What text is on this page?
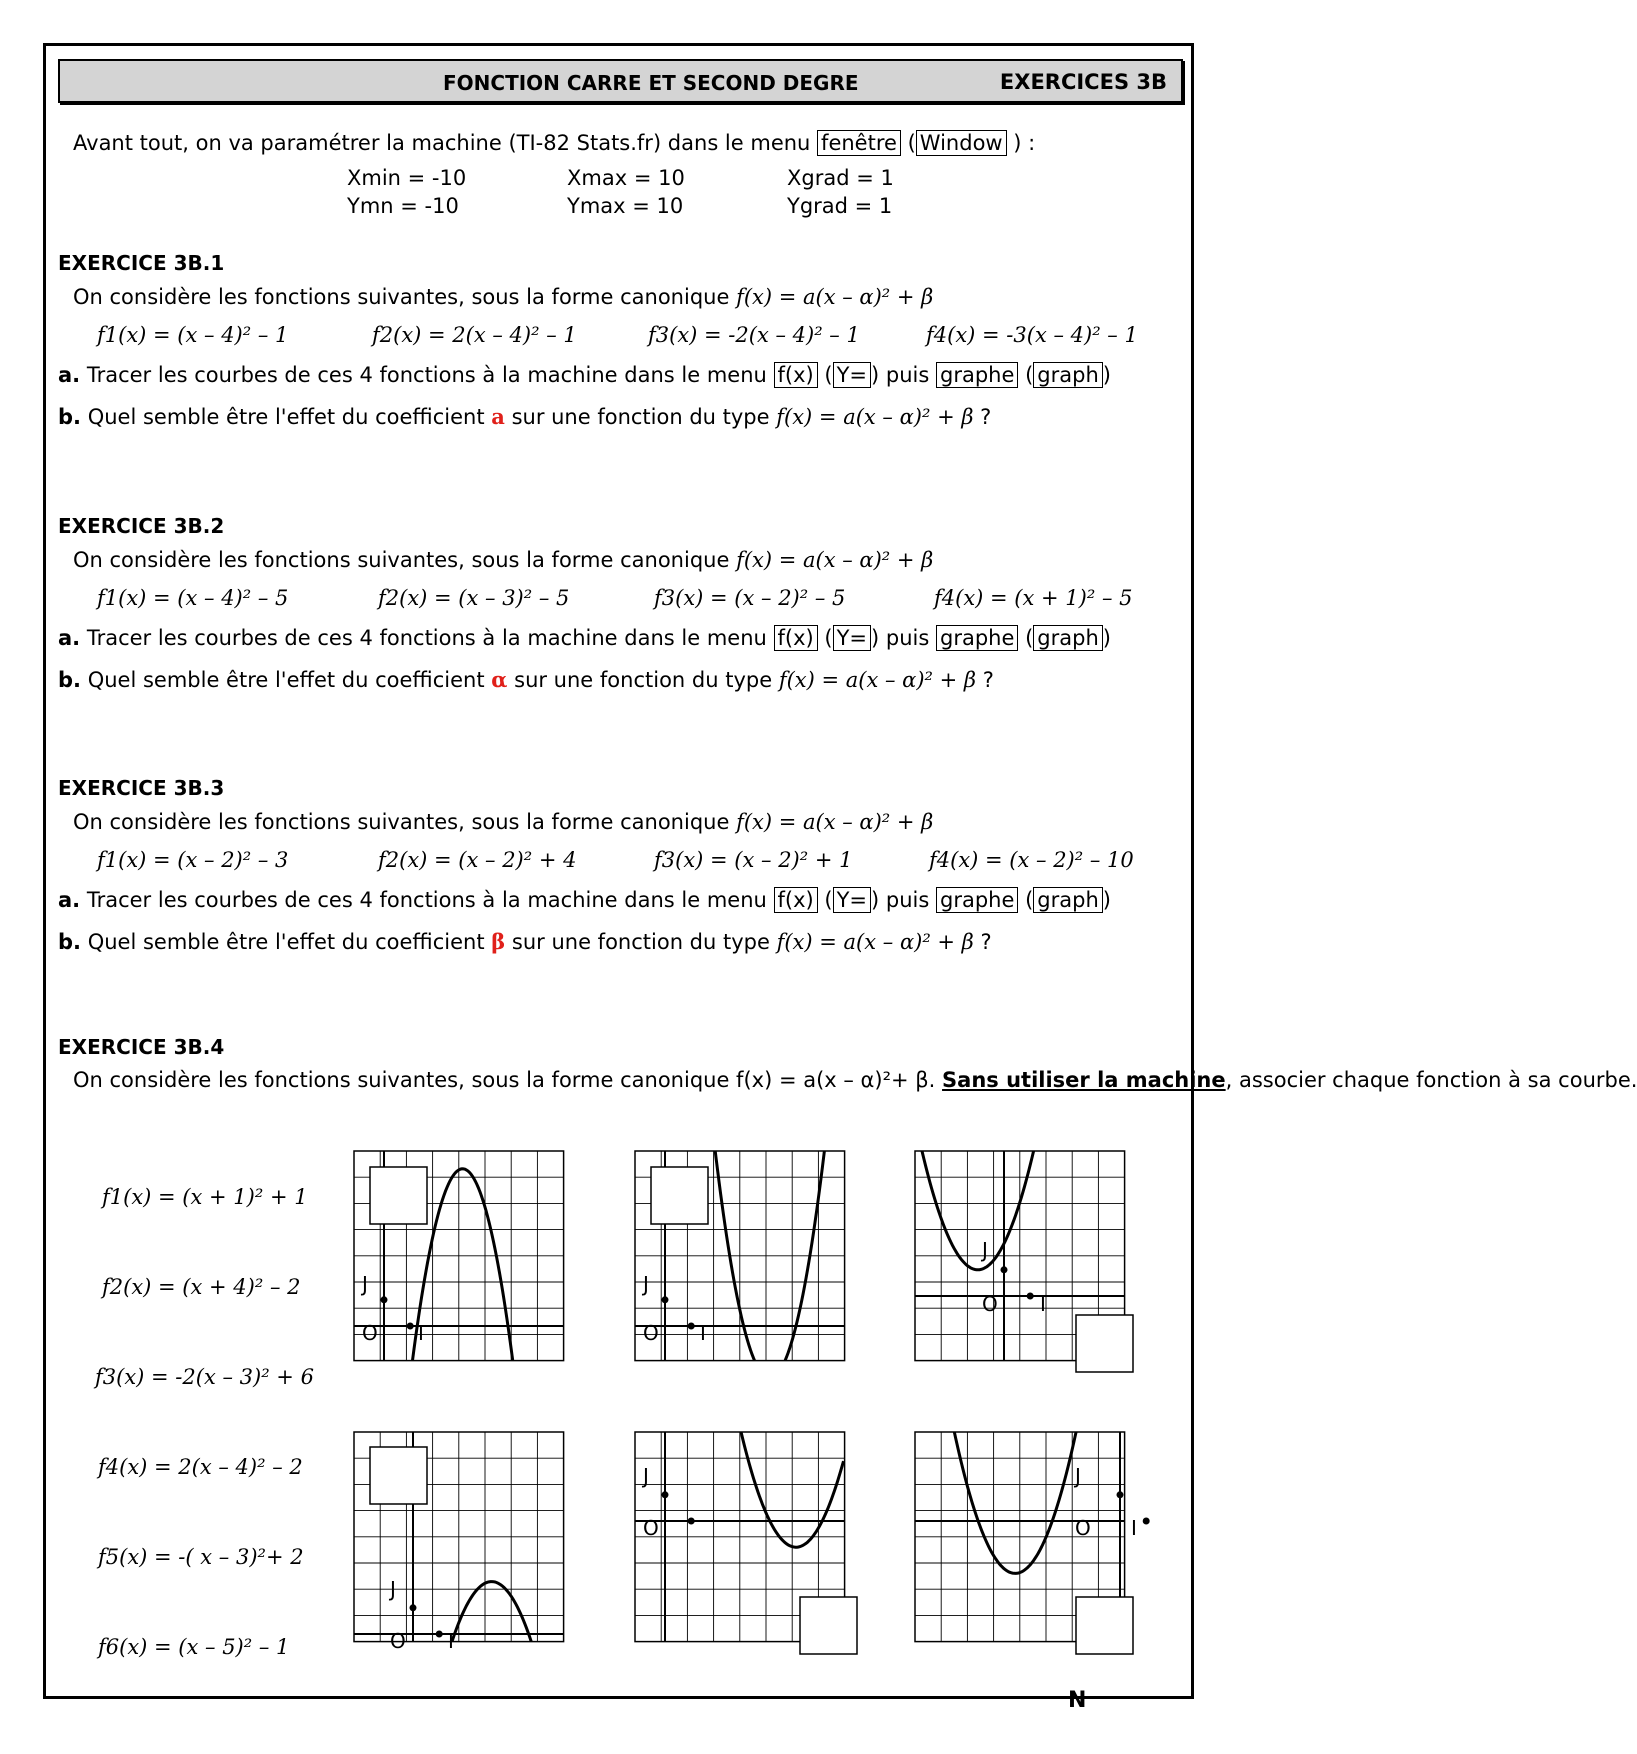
N
FONCTION CARRE ET SECOND DEGRE	EXERCICES 3B
Avant tout, on va paramétrer la machine (TI-82 Stats.fr) dans le menu fenêtre ( Window ) :
Xmin = -10	Xmax = 10	Xgrad = 1
Ymn = -10	Ymax = 10	Ygrad = 1
EXERCICE 3B.1
On considère les fonctions suivantes, sous la forme canonique f(x) = a(x – α)² + β
f1(x) = (x – 4)² – 1	f2(x) = 2(x – 4)² – 1	f3(x) = -2(x – 4)² – 1	f4(x) = -3(x – 4)² – 1
a. Tracer les courbes de ces 4 fonctions à la machine dans le menu f(x) ( Y= ) puis graphe ( graph )
b. Quel semble être l'effet du coefficient a sur une fonction du type f(x) = a(x – α)² + β ?
EXERCICE 3B.2
On considère les fonctions suivantes, sous la forme canonique f(x) = a(x – α)² + β
f1(x) = (x – 4)² – 5	f2(x) = (x – 3)² – 5	f3(x) = (x – 2)² – 5	f4(x) = (x + 1)² – 5
a. Tracer les courbes de ces 4 fonctions à la machine dans le menu f(x) ( Y= ) puis graphe ( graph )
b. Quel semble être l'effet du coefficient α sur une fonction du type f(x) = a(x – α)² + β ?
EXERCICE 3B.3
On considère les fonctions suivantes, sous la forme canonique f(x) = a(x – α)² + β
f1(x) = (x – 2)² – 3	f2(x) = (x – 2)² + 4	f3(x) = (x – 2)² + 1	f4(x) = (x – 2)² – 10
a. Tracer les courbes de ces 4 fonctions à la machine dans le menu f(x) ( Y= ) puis graphe ( graph )
b. Quel semble être l'effet du coefficient β sur une fonction du type f(x) = a(x – α)² + β ?
EXERCICE 3B.4
On considère les fonctions suivantes, sous la forme canonique f(x) = a(x – α)²+ β. Sans utiliser la machine, associer chaque fonction à sa courbe.
f1(x) = (x + 1)² + 1
f2(x) = (x + 4)² – 2
f3(x) = -2(x – 3)² + 6
f4(x) = 2(x – 4)² – 2
f5(x) = -( x – 3)²+ 2
f6(x) = (x – 5)² – 1
O I
J
O I
J
O I
J
O I
J
O
J
O I
J
